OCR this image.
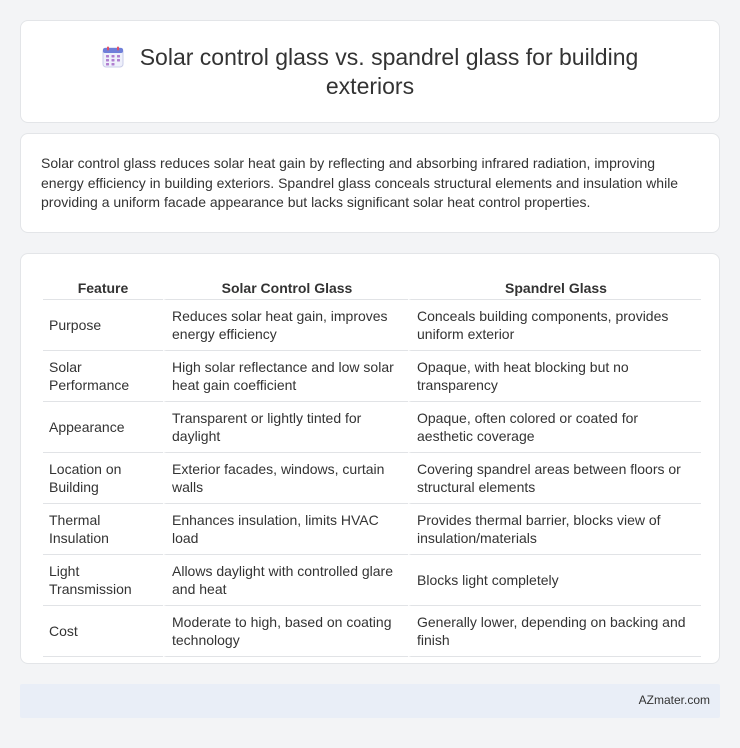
Solar control glass vs. spandrel glass for building exteriors

Solar control glass reduces solar heat gain by reflecting and absorbing infrared radiation, improving energy efficiency in building exteriors. Spandrel glass conceals structural elements and insulation while providing a uniform facade appearance but lacks significant solar heat control properties.

Feature	Solar Control Glass	Spandrel Glass
Purpose	Reduces solar heat gain, improves energy efficiency	Conceals building components, provides uniform exterior
Solar Performance	High solar reflectance and low solar heat gain coefficient	Opaque, with heat blocking but no transparency
Appearance	Transparent or lightly tinted for daylight	Opaque, often colored or coated for aesthetic coverage
Location on Building	Exterior facades, windows, curtain walls	Covering spandrel areas between floors or structural elements
Thermal Insulation	Enhances insulation, limits HVAC load	Provides thermal barrier, blocks view of insulation/materials
Light Transmission	Allows daylight with controlled glare and heat	Blocks light completely
Cost	Moderate to high, based on coating technology	Generally lower, depending on backing and finish
AZmater.com
